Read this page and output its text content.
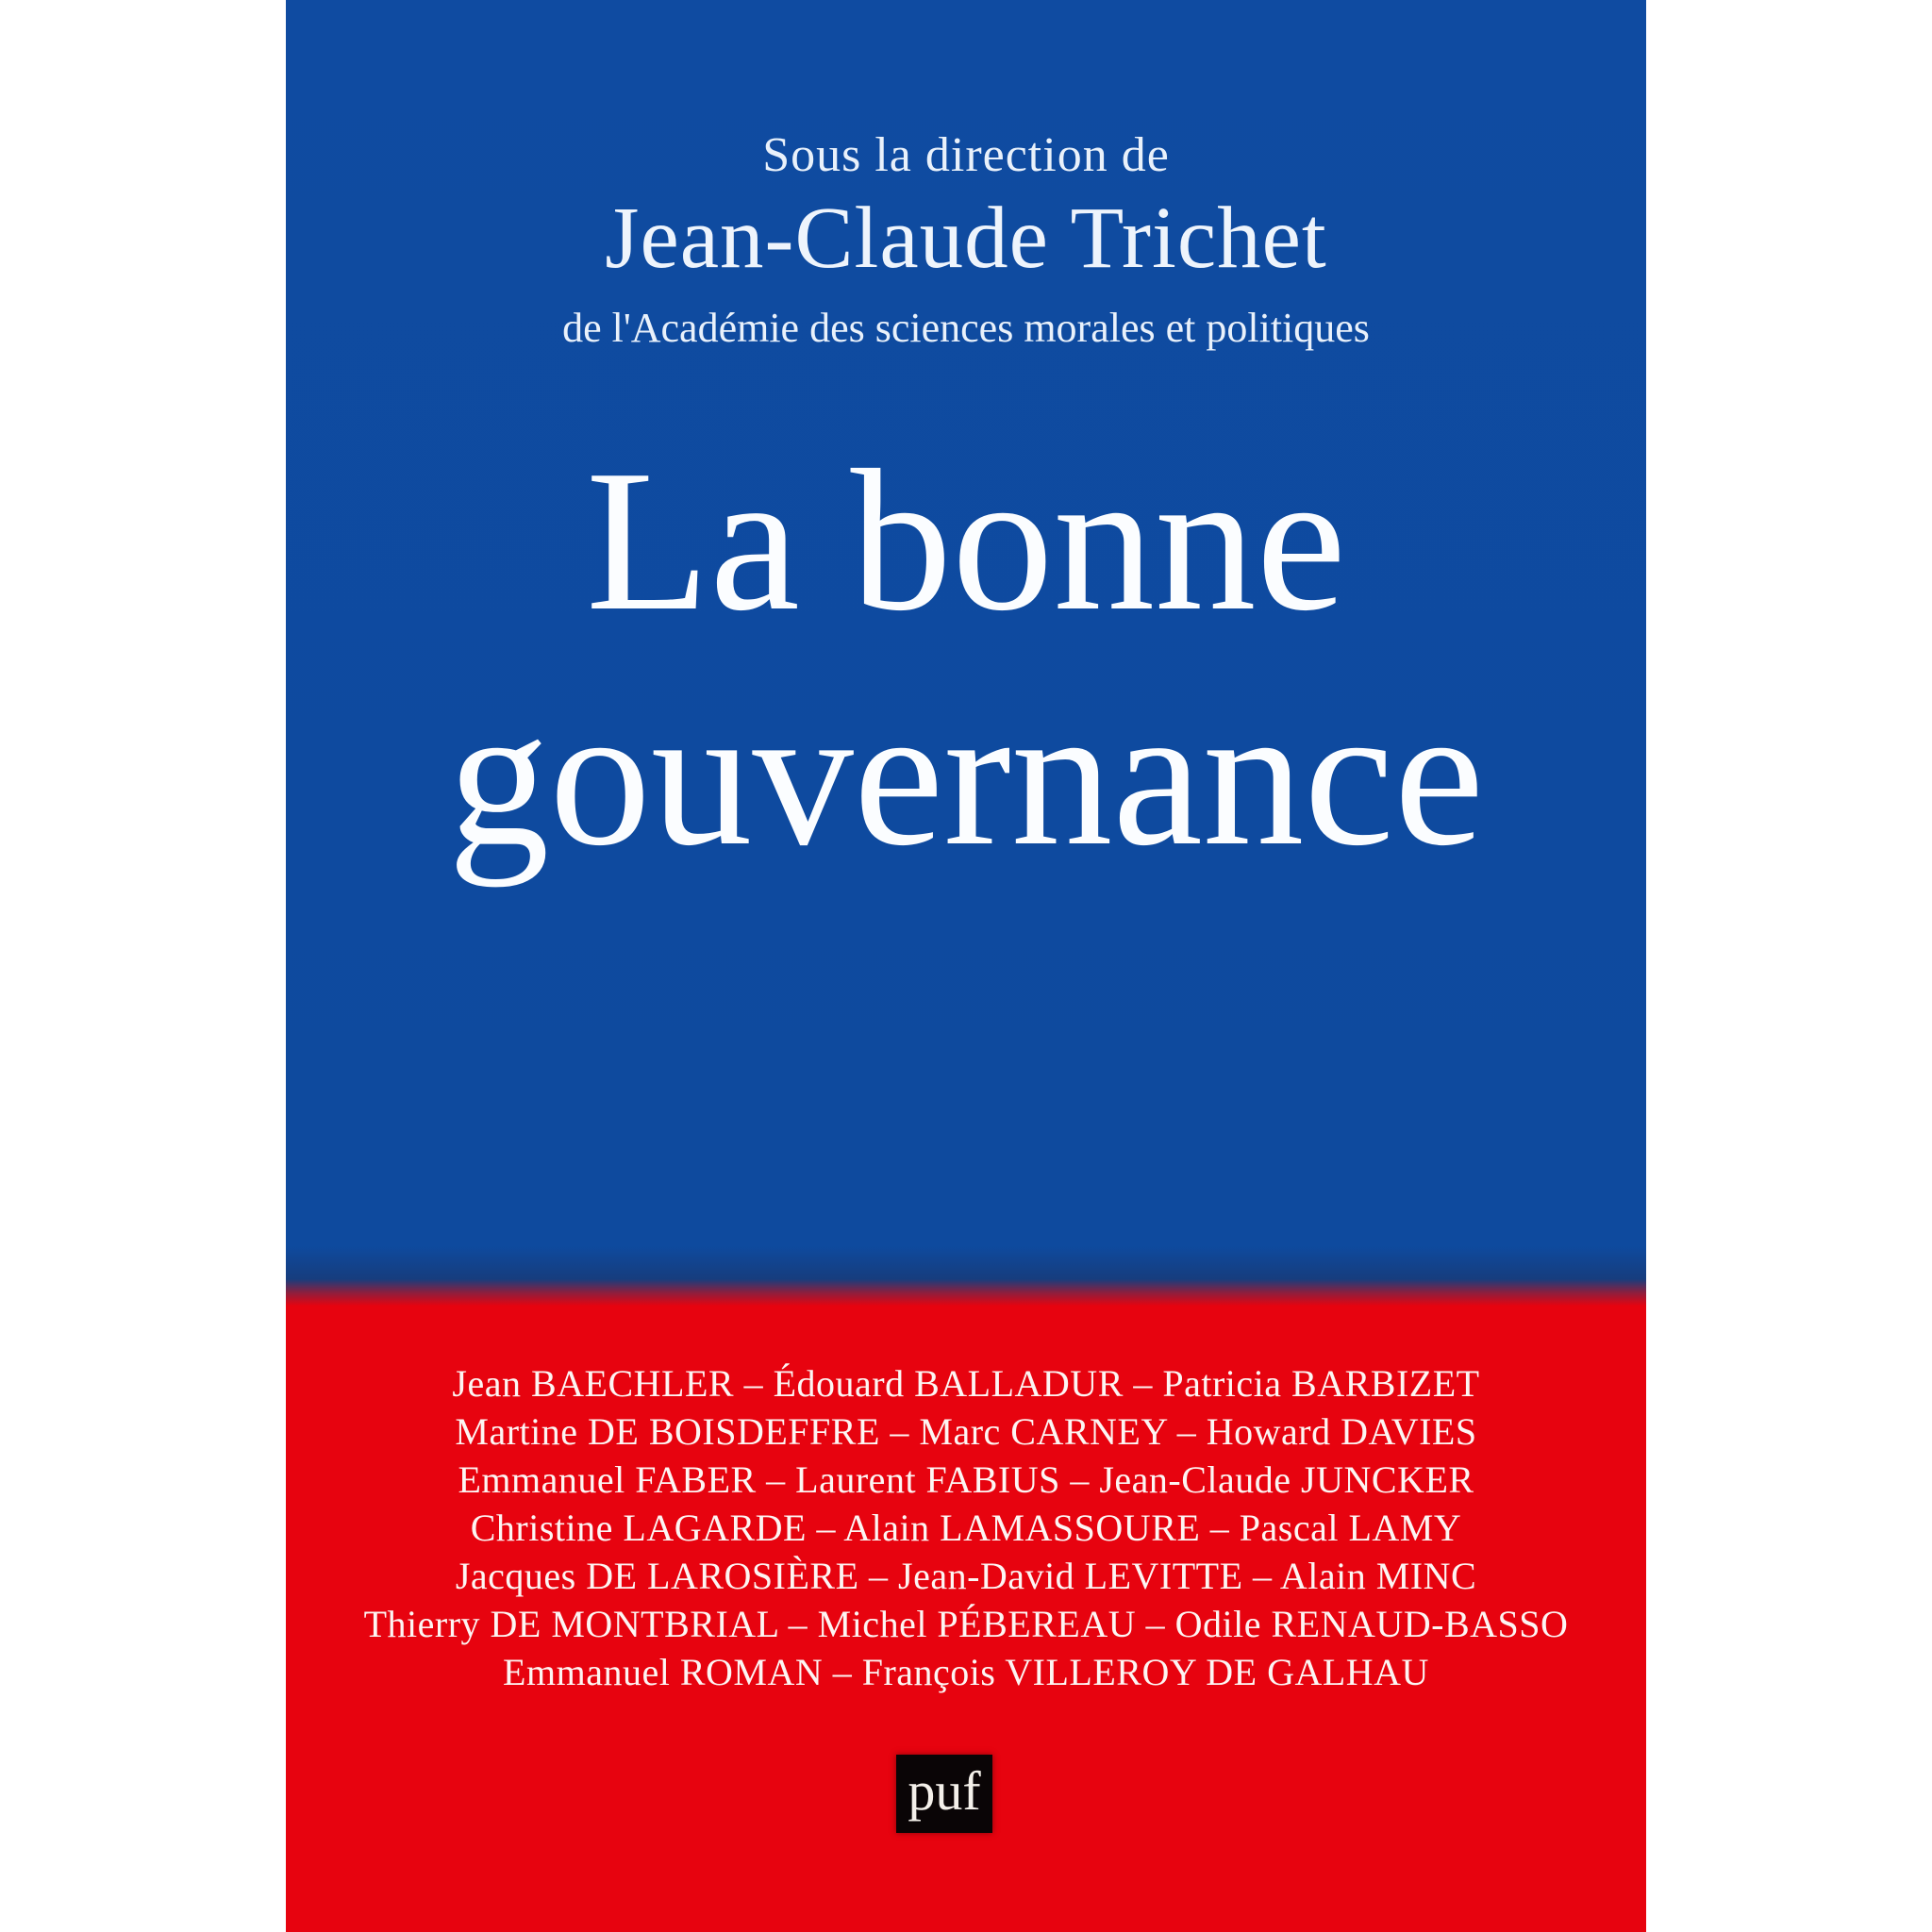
Sous la direction de
Jean-Claude Trichet
de l'Académie des sciences morales et politiques
La bonne
gouvernance
Jean BAECHLER – Édouard BALLADUR – Patricia BARBIZET
Martine DE BOISDEFFRE – Marc CARNEY – Howard DAVIES
Emmanuel FABER – Laurent FABIUS – Jean-Claude JUNCKER
Christine LAGARDE – Alain LAMASSOURE – Pascal LAMY
Jacques DE LAROSIÈRE – Jean-David LEVITTE – Alain MINC
Thierry DE MONTBRIAL – Michel PÉBEREAU – Odile RENAUD-BASSO
Emmanuel ROMAN – François VILLEROY DE GALHAU
puf
